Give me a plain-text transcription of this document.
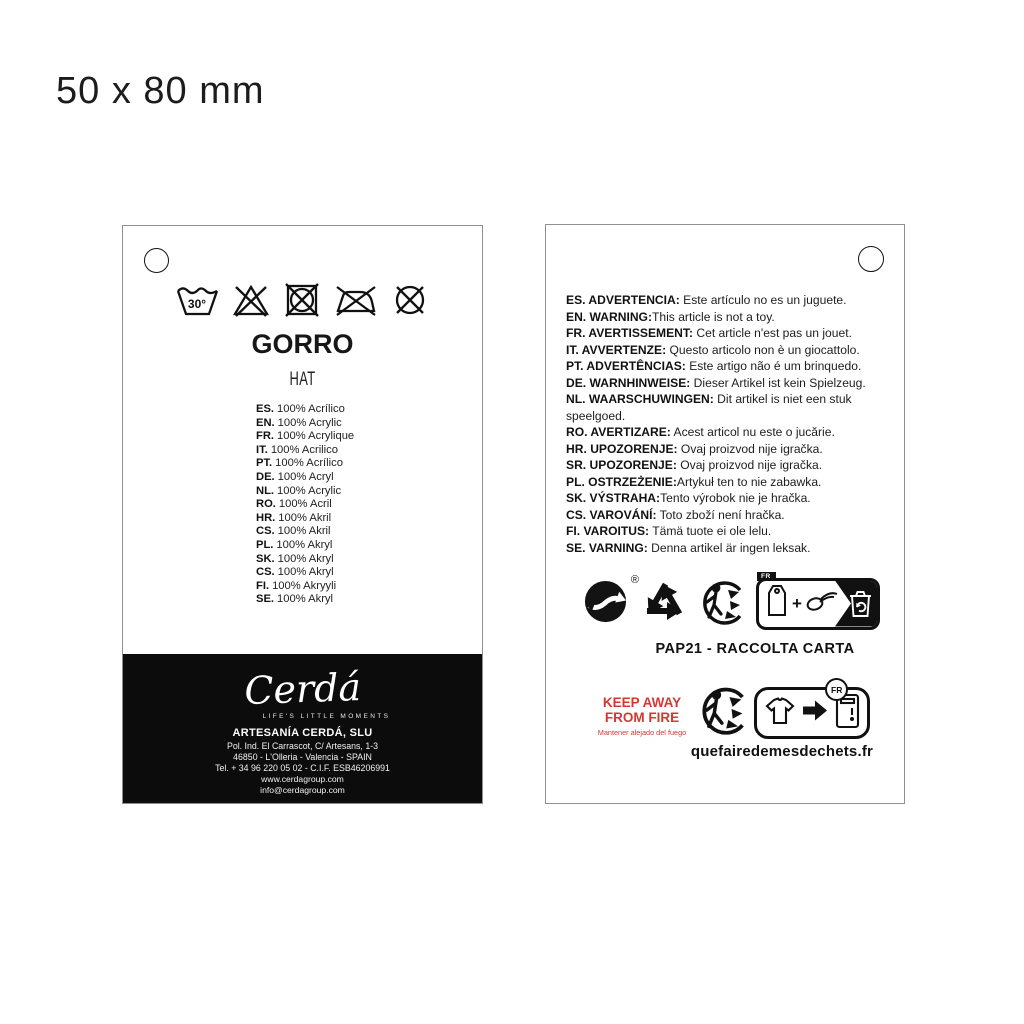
50 x 80 mm
30°
GORRO
HAT
ES. 100% Acrílico
EN. 100% Acrylic
FR. 100% Acrylique
IT. 100% Acrilico
PT. 100% Acrílico
DE. 100% Acryl
NL. 100% Acrylic
RO. 100% Acril
HR. 100% Akril
CS. 100% Akril
PL. 100% Akryl
SK. 100% Akryl
CS. 100% Akryl
FI. 100% Akryyli
SE. 100% Akryl
Cerdá
LIFE'S LITTLE MOMENTS
ARTESANÍA CERDÁ, SLU
Pol. Ind. El Carrascot, C/ Artesans, 1-3
46850 - L'Olleria - Valencia - SPAIN
Tel. + 34 96 220 05 02 - C.I.F. ESB46206991
www.cerdagroup.com
info@cerdagroup.com
ES. ADVERTENCIA: Este artículo no es un juguete.
EN. WARNING:This article is not a toy.
FR. AVERTISSEMENT: Cet article n'est pas un jouet.
IT. AVVERTENZE: Questo articolo non è un giocattolo.
PT. ADVERTÊNCIAS: Este artigo não é um brinquedo.
DE. WARNHINWEISE: Dieser Artikel ist kein Spielzeug.
NL. WAARSCHUWINGEN: Dit artikel is niet een stuk speelgoed.
RO. AVERTIZARE: Acest articol nu este o jucărie.
HR. UPOZORENJE: Ovaj proizvod nije igračka.
SR. UPOZORENJE: Ovaj proizvod nije igračka.
PL. OSTRZEŻENIE:Artykuł ten to nie zabawka.
SK. VÝSTRAHA:Tento výrobok nie je hračka.
CS. VAROVÁNÍ: Toto zboží není hračka.
FI. VAROITUS: Tämä tuote ei ole lelu.
SE. VARNING: Denna artikel är ingen leksak.
®	FR
+
PAP21 - RACCOLTA CARTA
KEEP AWAY
FROM FIRE
Mantener alejado del fuego
FR
quefairedemesdechets.fr
